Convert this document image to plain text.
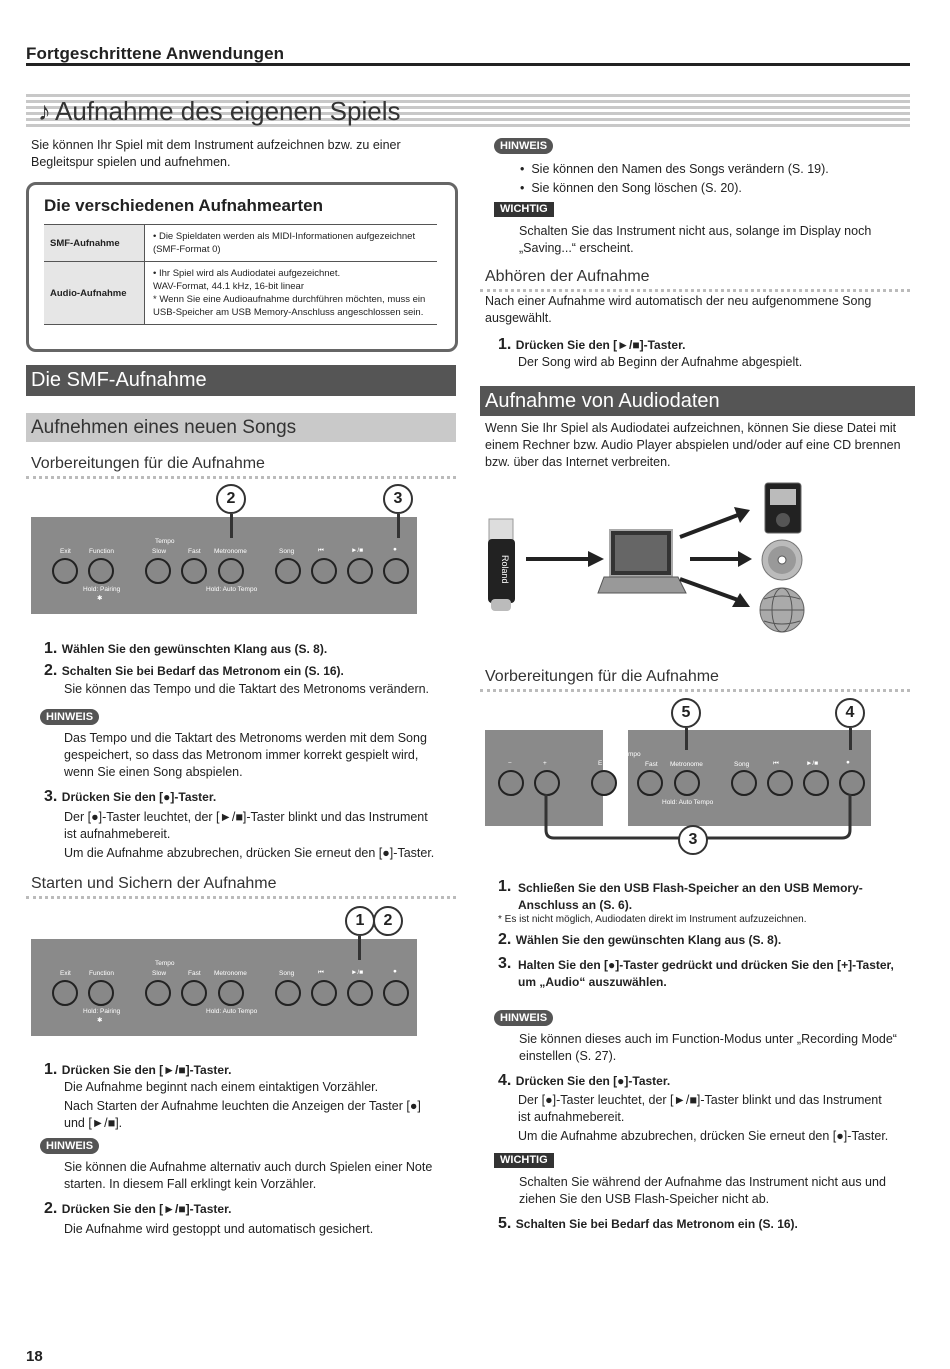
Fortgeschrittene Anwendungen
♪ Aufnahme des eigenen Spiels
Sie können Ihr Spiel mit dem Instrument aufzeichnen bzw. zu einer
Begleitspur spielen und aufnehmen.
Die verschiedenen Aufnahmearten
SMF-Aufnahme	• Die Spieldaten werden als MIDI-Informationen aufgezeichnet
(SMF-Format 0)

Audio-Aufnahme	• Ihr Spiel wird als Audiodatei aufgezeichnet.
WAV-Format, 44.1 kHz, 16-bit linear
* Wenn Sie eine Audioaufnahme durchführen möchten, muss ein
USB-Speicher am USB Memory-Anschluss angeschlossen sein.
Die SMF-Aufnahme
Aufnehmen eines neuen Songs
Vorbereitungen für die Aufnahme
2	3
Tempo
Exit	Function	Slow	Fast Metronome	Song	⏮	►/■	●
Hold: Pairing
✱
Hold: Auto Tempo
1. Wählen Sie den gewünschten Klang aus (S. 8).
2. Schalten Sie bei Bedarf das Metronom ein (S. 16).
Sie können das Tempo und die Taktart des Metronoms verändern.
HINWEIS
Das Tempo und die Taktart des Metronoms werden mit dem Song
gespeichert, so dass das Metronom immer korrekt gespielt wird,
wenn Sie einen Song abspielen.
3. Drücken Sie den [●]-Taster.
Der [●]-Taster leuchtet, der [►/■]-Taster blinkt und das Instrument
ist aufnahmebereit.
Um die Aufnahme abzubrechen, drücken Sie erneut den [●]-Taster.
Starten und Sichern der Aufnahme
1	2
Tempo
Exit	Function	Slow	Fast Metronome	Song	⏮	►/■	●
Hold: Pairing
✱
Hold: Auto Tempo
1. Drücken Sie den [►/■]-Taster.
Die Aufnahme beginnt nach einem eintaktigen Vorzähler.
Nach Starten der Aufnahme leuchten die Anzeigen der Taster [●]
und [►/■].
HINWEIS
Sie können die Aufnahme alternativ auch durch Spielen einer Note
starten. In diesem Fall erklingt kein Vorzähler.
2. Drücken Sie den [►/■]-Taster.
Die Aufnahme wird gestoppt und automatisch gesichert.
HINWEIS
•  Sie können den Namen des Songs verändern (S. 19).
•  Sie können den Song löschen (S. 20).
WICHTIG
Schalten Sie das Instrument nicht aus, solange im Display noch
„Saving...“ erscheint.
Abhören der Aufnahme
Nach einer Aufnahme wird automatisch der neu aufgenommene Song
ausgewählt.
1. Drücken Sie den [►/■]-Taster.
Der Song wird ab Beginn der Aufnahme abgespielt.
Aufnahme von Audiodaten
Wenn Sie Ihr Spiel als Audiodatei aufzeichnen, können Sie diese Datei mit
einem Rechner bzw. Audio Player abspielen und/oder auf eine CD brennen
bzw. über das Internet verbreiten.
Roland
Vorbereitungen für die Aufnahme
5	4
mpo
−	+	E	Fast Metronome	Song	⏮	►/■	●
Hold: Auto Tempo
3
1. Schließen Sie den USB Flash-Speicher an den USB Memory-
Anschluss an (S. 6).
* Es ist nicht möglich, Audiodaten direkt im Instrument aufzuzeichnen.
2. Wählen Sie den gewünschten Klang aus (S. 8).
3. Halten Sie den [●]-Taster gedrückt und drücken Sie den [+]-Taster,
um „Audio“ auszuwählen.
HINWEIS
Sie können dieses auch im Function-Modus unter „Recording Mode“
einstellen (S. 27).
4. Drücken Sie den [●]-Taster.
Der [●]-Taster leuchtet, der [►/■]-Taster blinkt und das Instrument
ist aufnahmebereit.
Um die Aufnahme abzubrechen, drücken Sie erneut den [●]-Taster.
WICHTIG
Schalten Sie während der Aufnahme das Instrument nicht aus und
ziehen Sie den USB Flash-Speicher nicht ab.
5. Schalten Sie bei Bedarf das Metronom ein (S. 16).
18
